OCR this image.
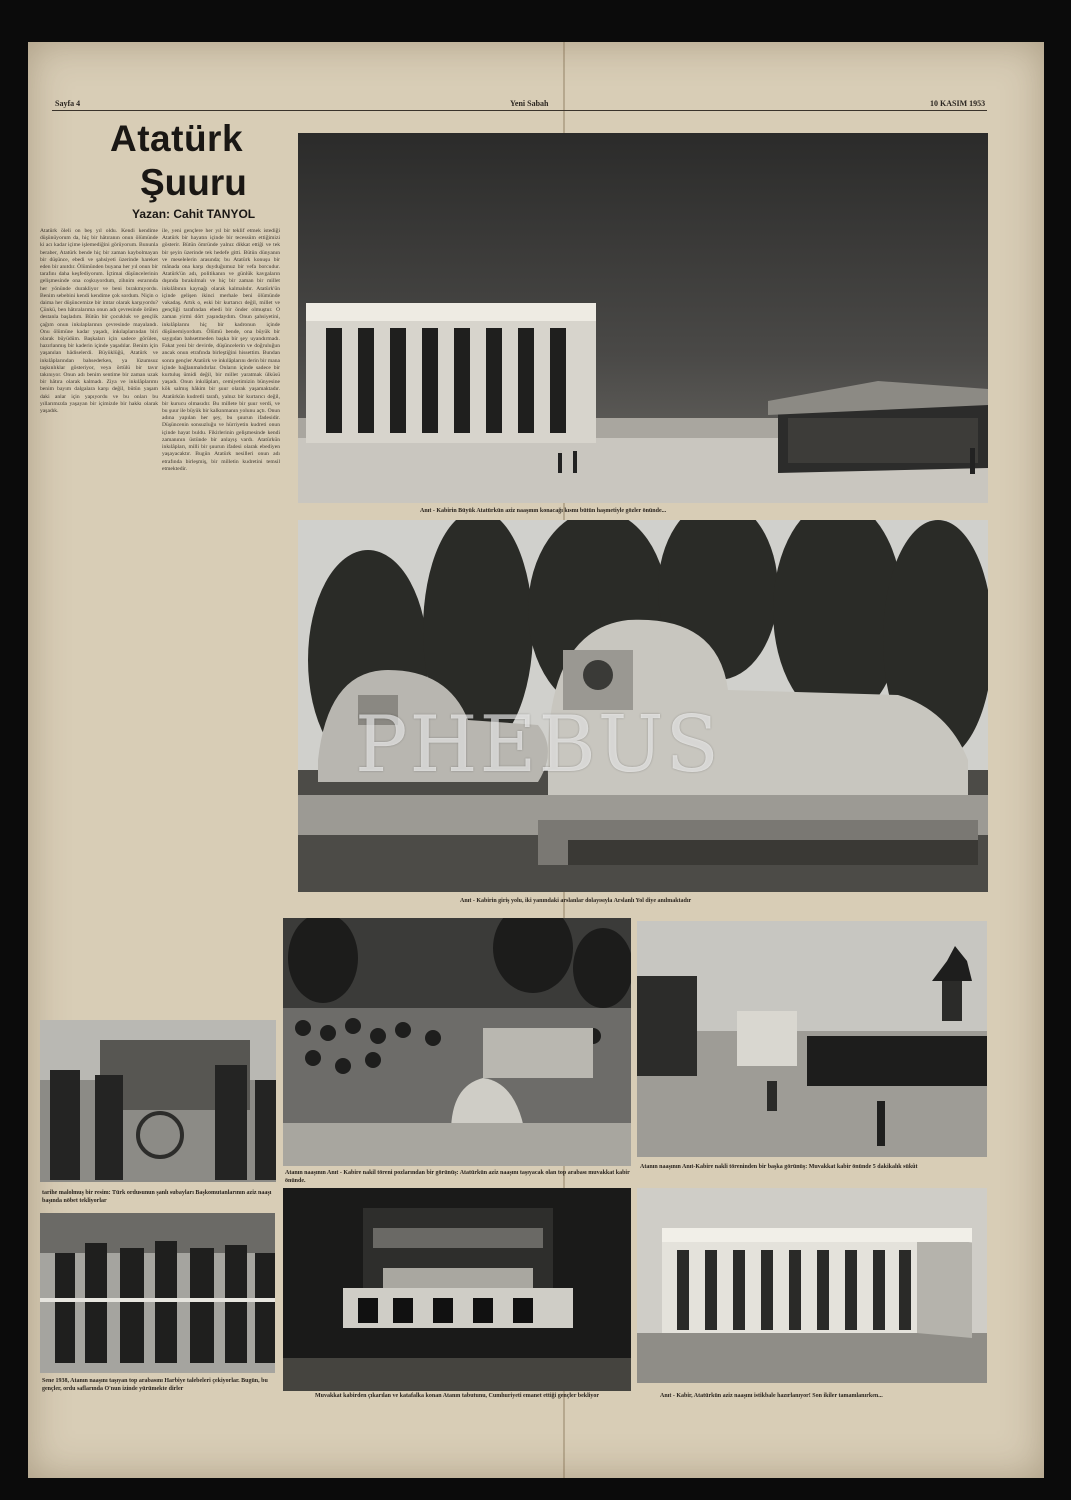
Sayfa 4	Yeni Sabah	10 KASIM 1953
Atatürk
Şuuru
Yazan: Cahit TANYOL
Atatürk öleli on beş yıl oldu. Kendi kendime düşünüyorum da, hiç bir hâtıranın onun ölümünde ki acı kadar içime işlemediğini görüyorum. Bununla beraber, Atatürk bende hiç bir zaman kaybolmayan bir düşünce, ebedi ve şahsiyeti üzerinde hareket eden bir anıtdır. Ölümünden buyana her yıl onun bir tarafını daha keşfediyorum. İçtimai düşüncelerinin gelişmesinde ona coşkuyordum, zihnim esrarında her yönünde durakliyor ve beni bırakmıyordu. Benim sebebini kendi kendime çok sordum. Niçin o daima her düşüncemize bir imtar olarak karşıyordu? Çünkü, ben hâtıralarıma onun adı çevresinde örülen destanla başladım. Bütün bir çocukluk ve gençlik çağım onun inkılaplarının çevresinde mayalandı. Onu ölümüne kadar yaşadı, inkılaplarından biri olarak büyüdüm. Başkaları için sadece görülen, hazırlanmış bir kaderin içinde yaşadılar. Benim için yaşanılan hâdiselerdi. Büyüklüğü, Atatürk ve inkılâplarından bahsederken, ya lüzumsuz taşkınlıklar gösteriyor, veya örtülü bir tavır takınıyor. Onun adı benim sentime bir zaman uzak bir hâtıra olarak kalmadı. Ziya ve inkılâplarımı benim bayım dalgalara karşı değil, bütün yaşam daki anlar için yapıyordu ve bu onları bu yıllarımızda yaşayan bir içimizde bir hakkı olarak yaşadık.
ile, yeni gençlere her yıl bir teklif etmek istediği Atatürk bir hayatın içinde bir tecessüm ettiğimizi gösterir. Bütün ömründe yalnız dikkat ettiği ve tek bir şeyin üzerinde tek hedefe gitti. Bütün dünyanın ve meselelerin arasında; bu Atatürk konuşu bir mânada ona karşı duyduğumuz bir vefa borcudur. Atatürk'ün adı, politikanın ve günlük kavgaların dışında bırakılmalı ve hiç bir zaman bir millet inkılâbının kaynağı olarak kalmalıdır. Atatürk'ün içinde gelişen ikinci merhale beni ölümünde vakadaş. Artık o, eski bir kurtarıcı değil, millet ve gençliği tarafından ebedi bir önder olmuştur. O zaman yirmi dört yaşındaydım. Onun şahsiyetini, inkılâplarını hiç bir kadronun içinde düşünemiyordum. Ölümü bende, ona büyük bir saygıdan bahsetmeden başka bir şey uyandırmadı. Fakat yeni bir devirde, düşüncelerin ve doğruluğun ancak onun etrafında birleştiğini hissettim. Bundan sonra gençler Atatürk ve inkılâplarını derin bir mana içinde bağlanmalıdırlar. Onların içinde sadece bir kurtuluş ümidi değil, bir millet yaratmak ülküsü yaşadı. Onun inkılâpları, cemiyetimizin bünyesine kök salmış hâkim bir şuur olarak yaşamaktadır. Atatürkün kudretli tarafı, yalnız bir kurtarıcı değil, bir kurucu olmasıdır. Bu millete bir şuur verdi, ve bu şuur ile büyük bir kalkınmanın yolunu açtı. Onun adına yapılan her şey, bu şuurun ifadesidir. Düşüncenin sonsuzluğu ve hürriyetin kudreti onun içinde hayat buldu. Fikirlerinin gelişmesinde kendi zamanının üstünde bir anlayış vardı. Atatürkün inkılâpları, milli bir şuurun ifadesi olarak ebediyen yaşayacaktır. Bugün Atatürk nesilleri onun adı etrafında birleşmiş, bir milletin kudretini temsil etmektedir.
Anıt - Kabirin Büyük Atatürkün aziz naaşının konacağı kısmı bütün haşmetiyle gözler önünde...
Anıt - Kabirin giriş yolu, iki yanındaki arslanlar dolayısıyla Arslanlı Yol diye anılmaktadır
Atanın naaşının Anıt - Kabire nakil töreni pozlarından bir görünüş: Atatürkün aziz naaşını taşıyacak olan top arabası muvakkat kabir önünde.
Atanın naaşının Anıt-Kabire nakli töreninden bir başka görünüş: Muvakkat kabir önünde 5 dakikalık sükût
tarihe malolmuş bir resim: Türk ordusunun şanlı subayları Başkomutanlarının aziz naaşı başında nöbet tekliyorlar
Sene 1938, Atanın naaşını taşıyan top arabasını Harbiye talebeleri çekiyorlar. Bugün, bu gençler, ordu saflarında O'nun izinde yürümekte dirler
Muvakkat kabirden çıkarılan ve katafalka konan Atanın tabutunu, Cumhuriyeti emanet ettiği gençler bekliyor	Anıt - Kabir, Atatürkün aziz naaşını istikbale hazırlanıyor! Son ikiler tamamlanırken...
PHEBUS
